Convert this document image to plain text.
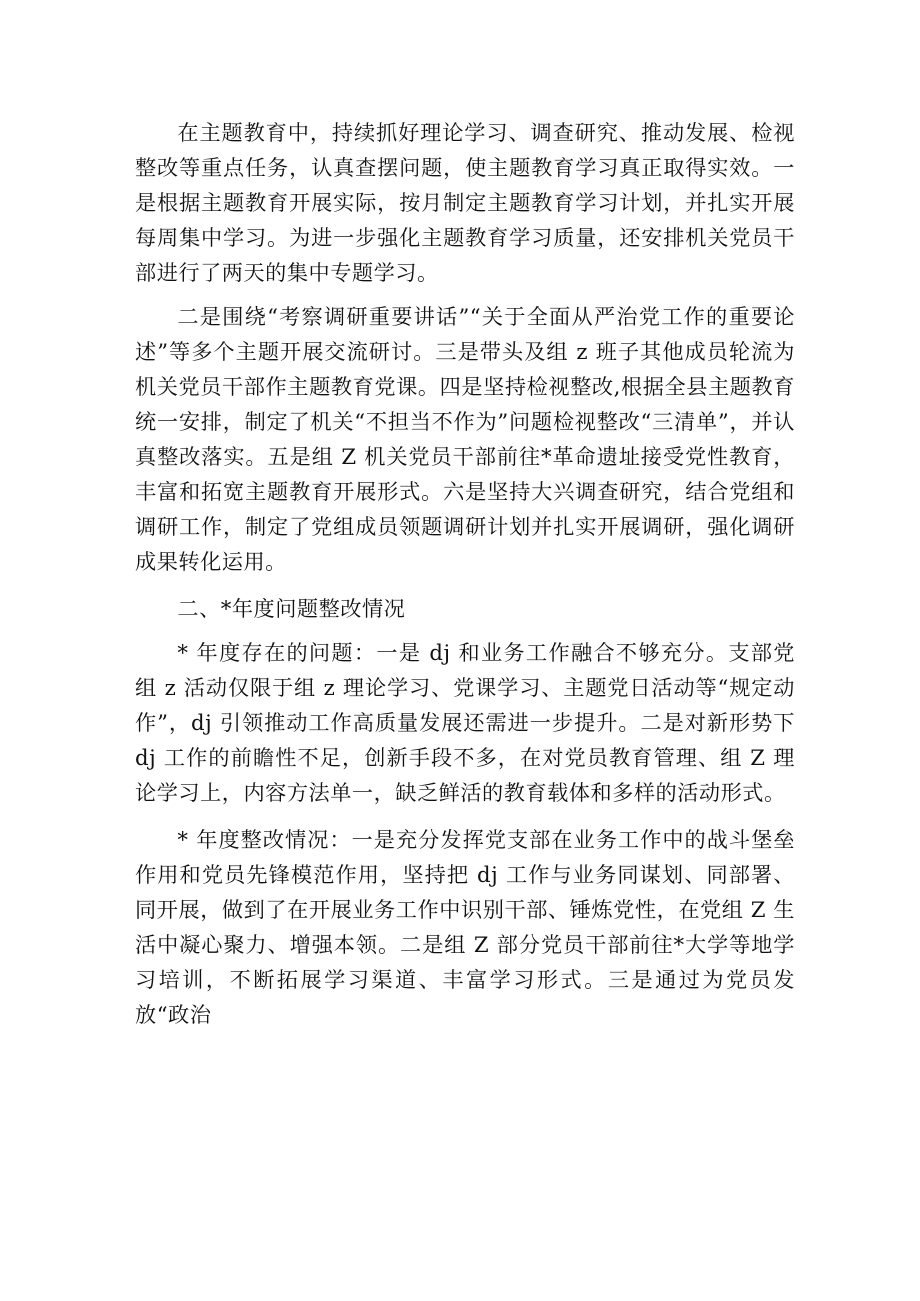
在主题教育中，持续抓好理论学习、调查研究、推动发展、检视整改等重点任务，认真查摆问题，使主题教育学习真正取得实效。一是根据主题教育开展实际，按月制定主题教育学习计划，并扎实开展每周集中学习。为进一步强化主题教育学习质量，还安排机关党员干部进行了两天的集中专题学习。

二是围绕“考察调研重要讲话”“关于全面从严治党工作的重要论述”等多个主题开展交流研讨。三是带头及组 z 班子其他成员轮流为机关党员干部作主题教育党课。四是坚持检视整改,根据全县主题教育统一安排，制定了机关“不担当不作为”问题检视整改“三清单”，并认真整改落实。五是组 Z 机关党员干部前往*革命遗址接受党性教育，丰富和拓宽主题教育开展形式。六是坚持大兴调查研究，结合党组和调研工作，制定了党组成员领题调研计划并扎实开展调研，强化调研成果转化运用。

二、*年度问题整改情况

* 年度存在的问题：一是 dj 和业务工作融合不够充分。支部党组 z 活动仅限于组 z 理论学习、党课学习、主题党日活动等“规定动作”，dj 引领推动工作高质量发展还需进一步提升。二是对新形势下 dj 工作的前瞻性不足，创新手段不多，在对党员教育管理、组 Z 理论学习上，内容方法单一，缺乏鲜活的教育载体和多样的活动形式。

* 年度整改情况：一是充分发挥党支部在业务工作中的战斗堡垒作用和党员先锋模范作用，坚持把 dj 工作与业务同谋划、同部署、同开展，做到了在开展业务工作中识别干部、锤炼党性，在党组 Z 生活中凝心聚力、增强本领。二是组 Z 部分党员干部前往*大学等地学习培训，不断拓展学习渠道、丰富学习形式。三是通过为党员发放“政治
